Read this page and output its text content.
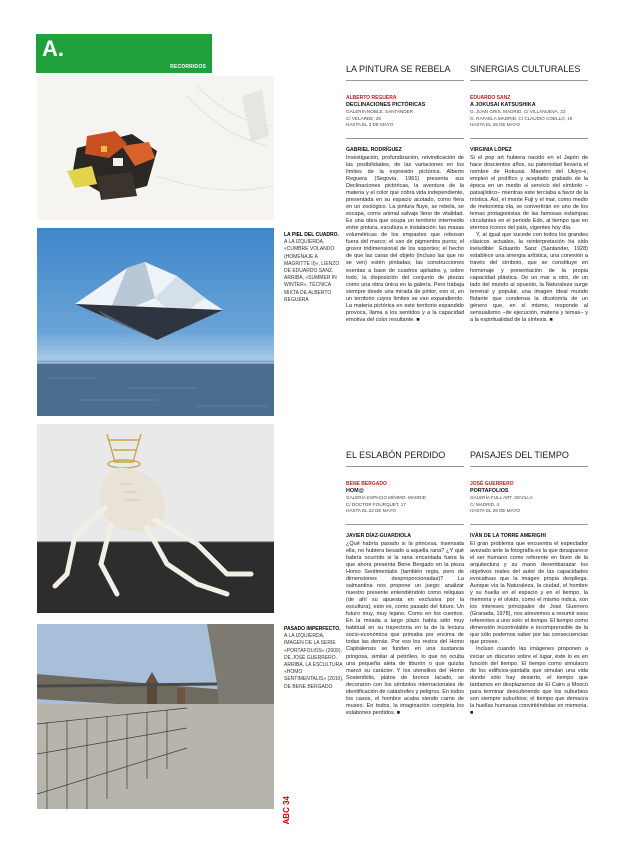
A.
RECORRIDOS
LA PIEL DEL CUADRO.
A LA IZQUIERDA, «CUMBRE VOLANDO (HOMENAJE A MAGRITTE II)», LIENZO DE EDUARDO SANZ. ARRIBA, «SUMMER IN WINTER», TÉCNICA MIXTA DE ALBERTO REGUERA
PASADO IMPERFECTO.
A LA IZQUIERDA, IMAGEN DE LA SERIE «PORTAFOLIOS» (2009), DE JOSÉ GUERRERO. ARRIBA, LA ESCULTURA «HOMO SENTIMENTALIS» (2010), DE BENE BERGADO
ABC 34
LA PINTURA SE REBELA
ALBERTO REGUERA
DECLINACIONES PICTÓRICAS
GALERÍA NOBLE. SANTANDER
C/ VELARDE, 26
HASTA EL 3 DE MAYO
GABRIEL RODRÍGUEZ

Investigación, profundización, reivindicación de las posibilidades, de las variaciones en los límites de la expresión pictórica. Alberto Reguera (Segovia, 1961) presenta sus Declinaciones pictóricas, la aventura de la materia y el color que cobra vida independiente, presentada en su espacio acotado, como fiera en un zoológico. La pintura fluye, se rebela, se escapa, como animal salvaje lleno de vitalidad. Es una obra que ocupa un territorio intermedio entre pintura, escultura e instalación: las masas volumétricas de los empastes que rebosan fuera del marco; el uso de pigmentos puros; el grosor tridimensional de los soportes; el hecho de que las caras del objeto (incluso las que no se ven) estén pintadas; las construcciones exentas a base de cuadros apilados y, sobre todo, la disposición del conjunto de piezas como una obra única en la galería. Pero trabaja siempre desde una mirada de pintor, eso sí, en un territorio cuyos límites se van expandiendo. La materia pictórica en este territorio expandido provoca, llama a los sentidos y a la capacidad emotiva del color resultante. ■

SINERGIAS CULTURALES
EDUARDO SANZ
A JOKUSAI KATSUSHIKA
G. JUAN GRIS. MADRID. C/ VILLANUEVA, 22
G. RAFAELA MADRID. C/ CLAUDIO COELLO, 19
HASTA EL 29 DE MAYO
VIRGINIA LÓPEZ

Si el pop art hubiera nacido en el Japón de hace doscientos años, su paternidad llevaría el nombre de Hokusai. Maestro del Ukiyo-e, empleó el prolífico y aceptado grabado de la época en un medio al servicio del símbolo –paisajístico– mientras este terciaba a favor de la mística. Así, el monte Fuji y el mar, como medio de metonimia ola, se convertirán en uno de los temas protagonistas de las famosas estampas circulantes en el periodo Edo, al tiempo que en eternos íconos del país, vigentes hoy día.

Y, al igual que sucede con todos los grandes clásicos actuales, la reinterpretación ha sido ineludible: Eduardo Sanz (Santander, 1928) establece una sinergia artística, una conexión a través del símbolo, que se constituye en homenaje y presentación de la propia capacidad plástica. De un mar a otro, de un lado del mundo al opuesto, la Naturaleza surge terrenal y popular, una imagen ideal mundo flotante que condensa la dicotomía de un género que, en sí mismo, responde al sensualismo –de ejecución, materia y temas– y a la espiritualidad de la síntesis. ■

EL ESLABÓN PERDIDO
BENE BERGADO
HOM@
GALERÍA ESPACIO MÍNIMO. MADRID
C/ DOCTOR FOURQUET, 17
HASTA EL 22 DE MAYO
JAVIER DÍAZ-GUARDIOLA

¿Qué habría pasado si la princesa, insensata ella, no hubiera besado a aquella rana? ¿Y qué habría ocurrido si la rana encantada fuera la que ahora presenta Bene Bergado en la pieza Homo Sentimentalis (también regia, pero de dimensiones desproporcionadas)? La salmantina nos propone un juego: analizar nuestro presente entendiéndolo como reliquias (de ahí su apuesta en exclusiva por la escultura), esto es, como pasado del futuro. Un futuro muy, muy lejano. Como en los cuentos. En la mirada a largo plazo había sido muy habitual en su trayectoria en la de la lectura socio-económica que primaba por encima de todas las demás. Por eso los restos del Homo Capitalensis se funden en una sustancia pringosa, similar al petróleo, lo que no oculta una pequeña aleta de tiburón o que quizás marcó su carácter. Y los utensilios del Homo Sostenibilis, platos de bronce lacado, se decoraron con los símbolos internacionales de identificación de catástrofes y peligros. En todos los casos, el hombre acaba siendo carne de museo. En todos, la imaginación completa los eslabones perdidos. ■

PAISAJES DEL TIEMPO
JOSÉ GUERRERO
PORTAFOLIOS
GALERÍA FULL ART. SEVILLA
C/ MADRID, 4
HASTA EL 29 DE MAYO
IVÁN DE LA TORRE AMERIGHI

El gran problema que encuentra el espectador avezado ante la fotografía es la que desaparece el ser humano como referente en favor de la arquitectura y su mano desembarazar los objetivos reales del autor de las capacidades evocativas que la imagen propia despliega. Aunque vía la Naturaleza, la ciudad, el hombre y su huella en el espacio y en el tiempo, la memoria y el olvido, como el mismo indica, son los intereses principales de José Guerrero (Granada, 1978), nos atrevemos a resumir esos referentes a uno solo: el tiempo. El tiempo como dimensión incontrolable e incomprensible de la que sólo podemos saber por las consecuencias que provee.

Incluso cuando las imágenes proponen a iniciar un discurso sobre el lugar, éste lo es en función del tiempo. El tiempo como simulacro de los edificios-pantalla que simulan una vida donde sólo hay desierto, el tiempo que tardamos en desplazarnos de El Cairo a Moscú para terminar descubriendo que los suburbios son siempre suburbios; el tiempo que demacra la huellas humanas convirtiéndolas en memoria. ■
